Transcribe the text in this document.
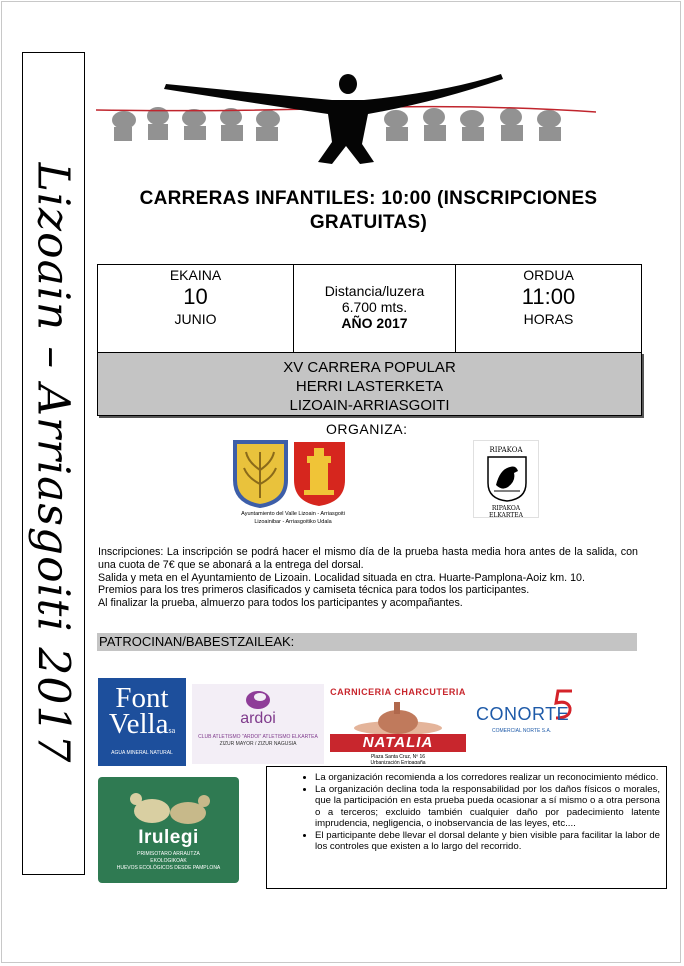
Lizoain – Arriasgoiti 2017	CARRERAS INFANTILES: 10:00 (INSCRIPCIONES GRATUITAS)
EKAINA
10
JUNIO
Distancia/luzera
6.700 mts.
AÑO 2017
ORDUA
11:00
HORAS
XV CARRERA POPULAR
HERRI LASTERKETA
LIZOAIN-ARRIASGOITI
ORGANIZA:
Ayuntamiento del Valle Lizoain - Arriasgoiti
Lizoainibar - Arriasgoitiko Udala
RIPAKOA
RIPAKOA
ELKARTEA

Inscripciones: La inscripción se podrá hacer el mismo día de la prueba hasta media hora antes de la salida, con una cuota de 7€ que se abonará a la entrega del dorsal.

Salida y meta en el Ayuntamiento de Lizoain. Localidad situada en ctra. Huarte-Pamplona-Aoiz km. 10.

Premios para los tres primeros clasificados y camiseta técnica para todos los participantes.

Al finalizar la prueba, almuerzo para todos los participantes y acompañantes.

PATROCINAN/BABESTZAILEAK:
Font
Vellasa
AGUA MINERAL NATURAL
ardoi
CLUB ATLETISMO "ARDOI" ATLETISMO ELKARTEA
ZIZUR MAYOR / ZIZUR NAGUSIA
CARNICERIA CHARCUTERIA
NATALIA
Plaza Santa Cruz, Nº 16
Urbanización Erripagaña
CONORTE
COMERCIAL NORTE S.A.
Irulegi
PRIMISOTARO ARRAUTZA
EKOLOGIKOAK
HUEVOS ECOLÓGICOS DESDE PAMPLONA
• La organización recomienda a los corredores realizar un reconocimiento médico.
• La organización declina toda la responsabilidad por los daños físicos o morales, que la participación en esta prueba pueda ocasionar a sí mismo o a otra persona o a terceros; excluido también cualquier daño por padecimiento latente imprudencia, negligencia, o inobservancia de las leyes, etc....
• El participante debe llevar el dorsal delante y bien visible para facilitar la labor de los controles que existen a lo largo del recorrido.
